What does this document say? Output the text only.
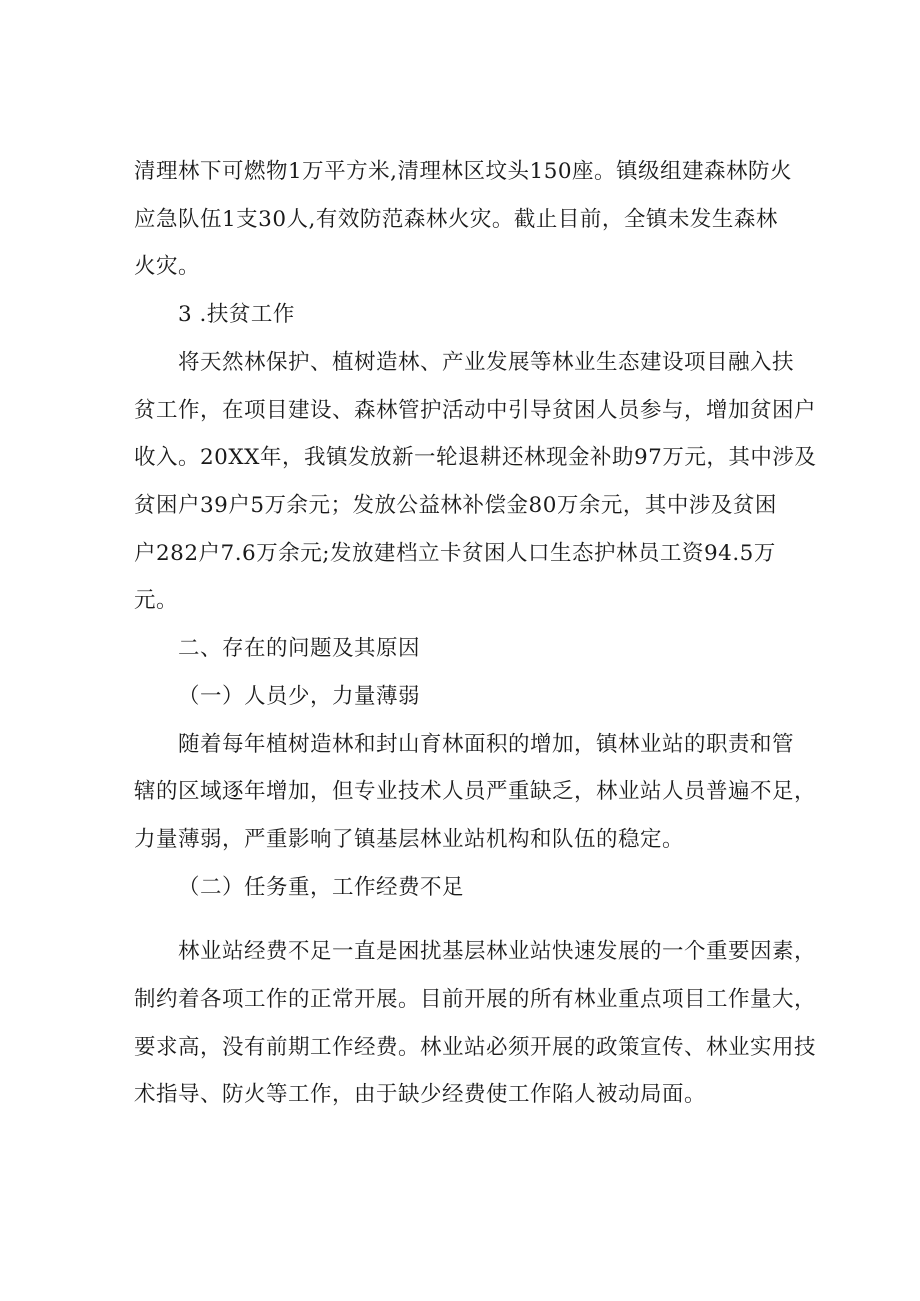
清理林下可燃物1万平方米,清理林区坟头150座。镇级组建森林防火
应急队伍1支30人,有效防范森林火灾。截止目前，全镇未发生森林
火灾。
3 .扶贫工作
将天然林保护、植树造林、产业发展等林业生态建设项目融入扶
贫工作，在项目建设、森林管护活动中引导贫困人员参与，增加贫困户
收入。20XX年，我镇发放新一轮退耕还林现金补助97万元，其中涉及
贫困户39户5万余元；发放公益林补偿金80万余元，其中涉及贫困
户282户7.6万余元;发放建档立卡贫困人口生态护林员工资94.5万
元。
二、存在的问题及其原因
（一）人员少，力量薄弱
随着每年植树造林和封山育林面积的增加，镇林业站的职责和管
辖的区域逐年增加，但专业技术人员严重缺乏，林业站人员普遍不足，
力量薄弱，严重影响了镇基层林业站机构和队伍的稳定。
（二）任务重，工作经费不足
林业站经费不足一直是困扰基层林业站快速发展的一个重要因素，
制约着各项工作的正常开展。目前开展的所有林业重点项目工作量大，
要求高，没有前期工作经费。林业站必须开展的政策宣传、林业实用技
术指导、防火等工作，由于缺少经费使工作陷人被动局面。
